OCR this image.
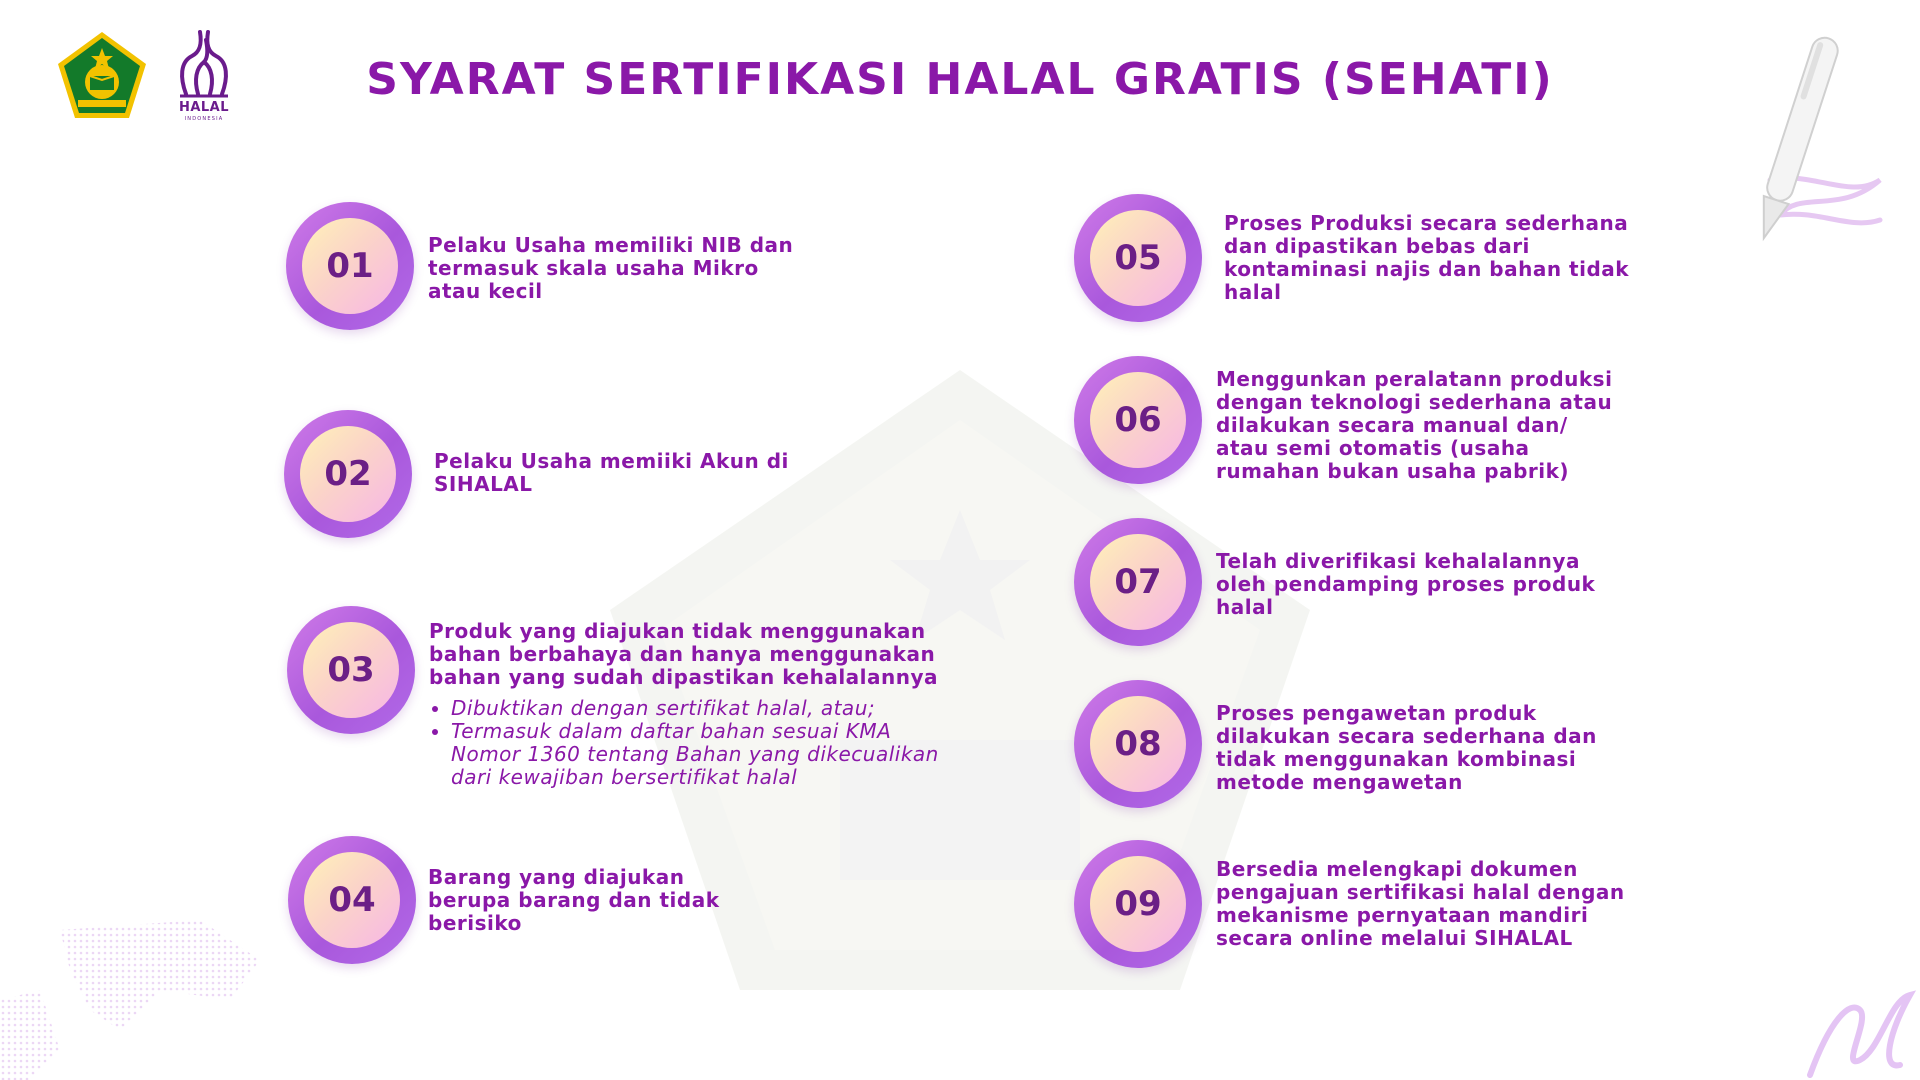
HALAL
INDONESIA
SYARAT SERTIFIKASI HALAL GRATIS (SEHATI)
01
Pelaku Usaha memiliki NIB dan termasuk skala usaha Mikro atau kecil
02	Pelaku Usaha memiiki Akun di SIHALAL
03
Produk yang diajukan tidak menggunakan bahan berbahaya dan hanya menggunakan bahan yang sudah dipastikan kehalalannya
• Dibuktikan dengan sertifikat halal, atau;
• Termasuk dalam daftar bahan sesuai KMA Nomor 1360 tentang Bahan yang dikecualikan dari kewajiban bersertifikat halal
04
Barang yang diajukan berupa barang dan tidak berisiko
05
Proses Produksi secara sederhana dan dipastikan bebas dari kontaminasi najis dan bahan tidak halal
06
Menggunkan peralatann produksi dengan teknologi sederhana atau dilakukan secara manual dan/ atau semi otomatis (usaha rumahan bukan usaha pabrik)
07
Telah diverifikasi kehalalannya oleh pendamping proses produk halal
08
Proses pengawetan produk dilakukan secara sederhana dan tidak menggunakan kombinasi metode mengawetan
09
Bersedia melengkapi dokumen pengajuan sertifikasi halal dengan mekanisme pernyataan mandiri secara online melalui SIHALAL
